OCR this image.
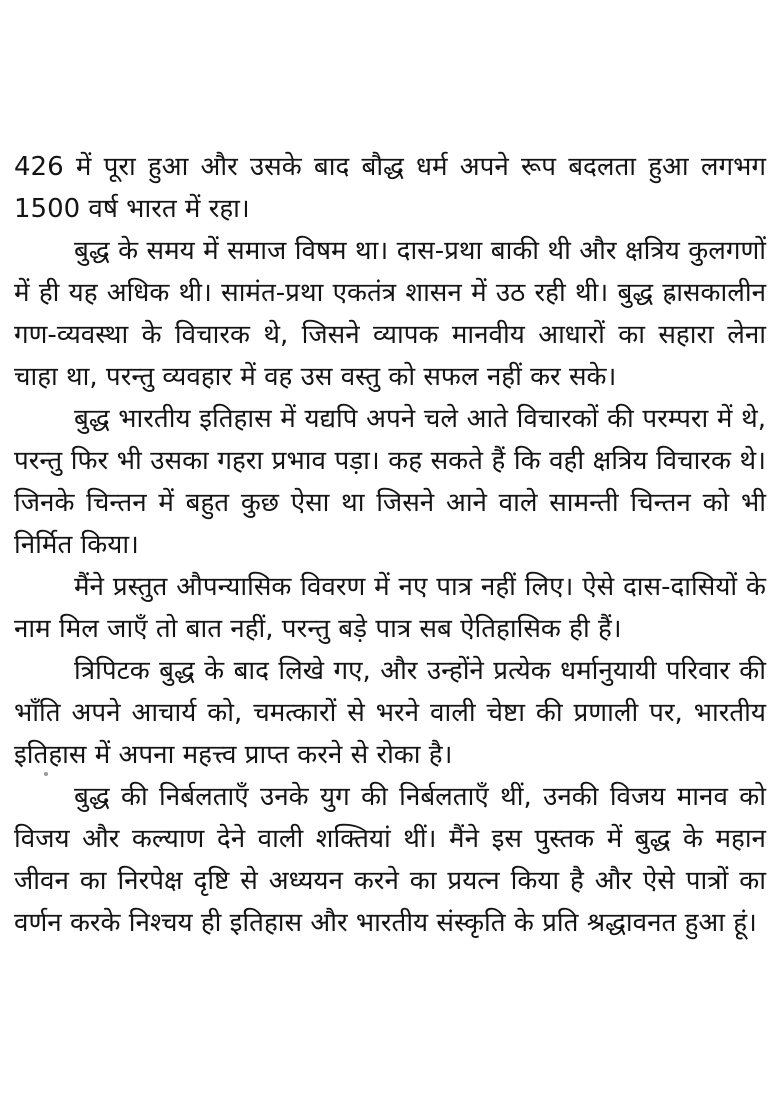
426 में पूरा हुआ और उसके बाद बौद्ध धर्म अपने रूप बदलता हुआ लगभग 1500 वर्ष भारत में रहा।

बुद्ध के समय में समाज विषम था। दास-प्रथा बाकी थी और क्षत्रिय कुलगणों में ही यह अधिक थी। सामंत-प्रथा एकतंत्र शासन में उठ रही थी। बुद्ध ह्रासकालीन गण-व्यवस्था के विचारक थे, जिसने व्यापक मानवीय आधारों का सहारा लेना चाहा था, परन्तु व्यवहार में वह उस वस्तु को सफल नहीं कर सके।

बुद्ध भारतीय इतिहास में यद्यपि अपने चले आते विचारकों की परम्परा में थे, परन्तु फिर भी उसका गहरा प्रभाव पड़ा। कह सकते हैं कि वही क्षत्रिय विचारक थे। जिनके चिन्तन में बहुत कुछ ऐसा था जिसने आने वाले सामन्ती चिन्तन को भी निर्मित किया।

मैंने प्रस्तुत औपन्यासिक विवरण में नए पात्र नहीं लिए। ऐसे दास-दासियों के नाम मिल जाएँ तो बात नहीं, परन्तु बड़े पात्र सब ऐतिहासिक ही हैं।

त्रिपिटक बुद्ध के बाद लिखे गए, और उन्होंने प्रत्येक धर्मानुयायी परिवार की भाँति अपने आचार्य को, चमत्कारों से भरने वाली चेष्टा की प्रणाली पर, भारतीय इतिहास में अपना महत्त्व प्राप्त करने से रोका है।

बुद्ध की निर्बलताएँ उनके युग की निर्बलताएँ थीं, उनकी विजय मानव को विजय और कल्याण देने वाली शक्तियां थीं। मैंने इस पुस्तक में बुद्ध के महान जीवन का निरपेक्ष दृष्टि से अध्ययन करने का प्रयत्न किया है और ऐसे पात्रों का वर्णन करके निश्चय ही इतिहास और भारतीय संस्कृति के प्रति श्रद्धावनत हुआ हूं।
